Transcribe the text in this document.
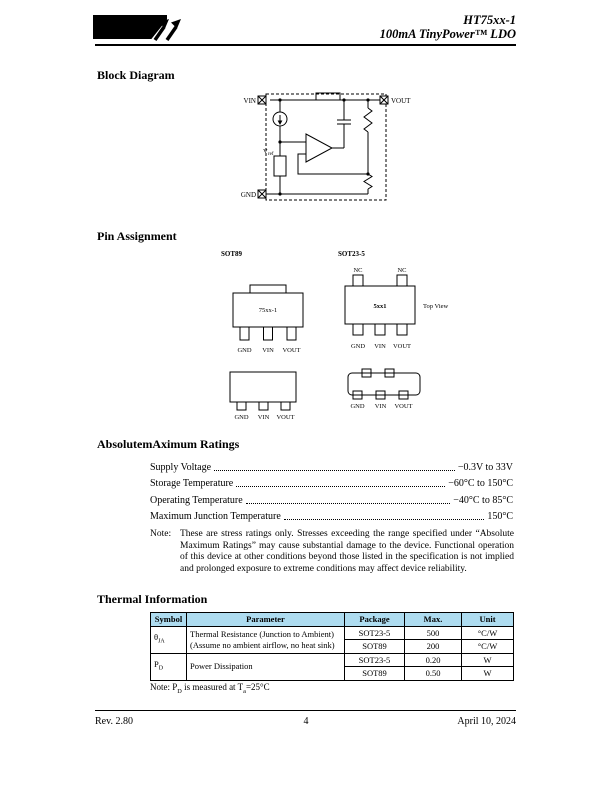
HOLTEK	HT75xx-1
100mA TinyPower™ LDO
Block Diagram
VIN	VOUT
GND
V ref
Pin Assignment
SOT89
75xx-1
GND VIN VOUT
SOT23-5
NC	NC
5xx1	Top View
GND VIN VOUT
GND VIN VOUT
GND VIN VOUT
AbsolutemAximum Ratings
Supply Voltage	−0.3V to 33V
Storage Temperature	−60°C to 150°C
Operating Temperature	−40°C to 85°C
Maximum Junction Temperature	150°C
Note: These are stress ratings only. Stresses exceeding the range specified under “Absolute Maximum Ratings” may cause substantial damage to the device. Functional operation of this device at other conditions beyond those listed in the specification is not implied and prolonged exposure to extreme conditions may affect device reliability.
Thermal Information
Symbol	Parameter	Package	Max.	Unit
$\theta_{JA}$	Thermal Resistance (Junction to Ambient)
(Assume no ambient airflow, no heat sink)	SOT23-5	500	°C/W
		SOT89	200	°C/W
$P_D$	Power Dissipation	SOT23-5	0.20	W
		SOT89	0.50	W
Note: $P_D$ is measured at $T_a=25^\circ C$
Rev. 2.80	4	April 10, 2024
